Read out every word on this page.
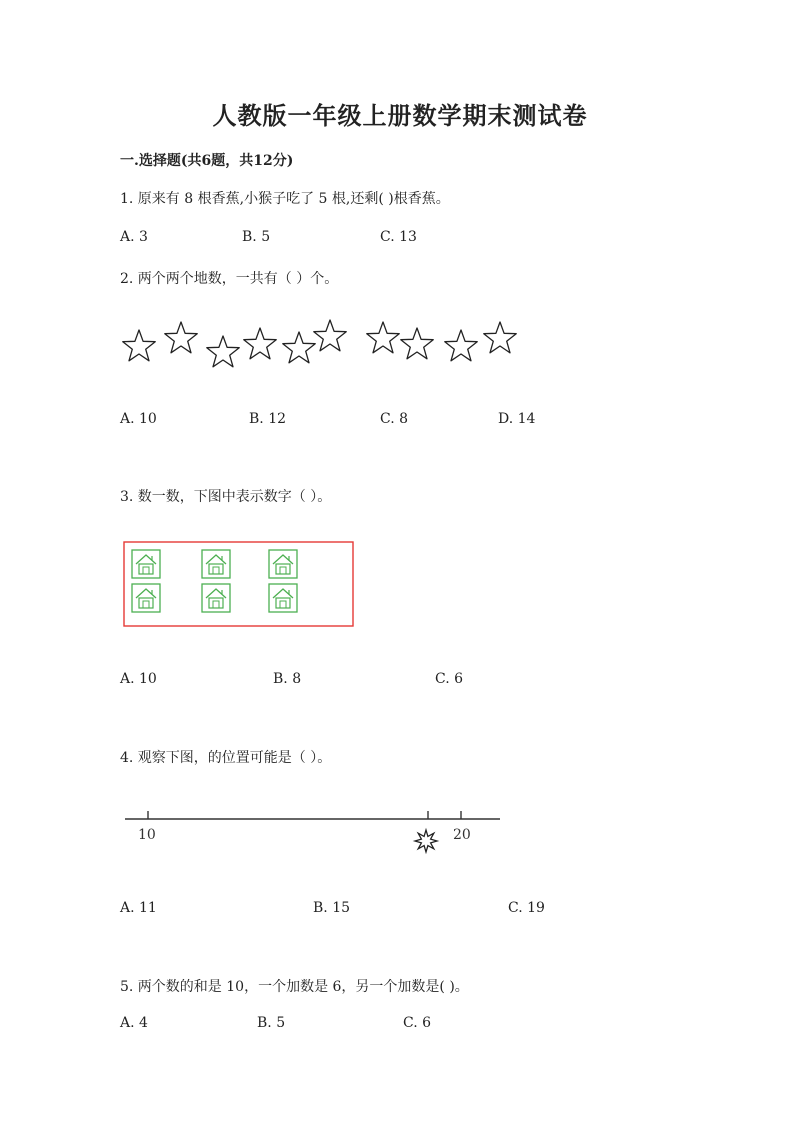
人教版一年级上册数学期末测试卷
一.选择题(共6题，共12分)
1. 原来有 8 根香蕉,小猴子吃了 5 根,还剩( )根香蕉。
A. 3	B. 5	C. 13
2. 两个两个地数，一共有（ ）个。
A. 10	B. 12	C. 8	D. 14
3. 数一数，下图中表示数字（ ）。
A. 10	B. 8	C. 6
4. 观察下图，的位置可能是（ ）。
10	20
A. 11	B. 15	C. 19
5. 两个数的和是 10，一个加数是 6，另一个加数是( )。
A. 4	B. 5	C. 6
